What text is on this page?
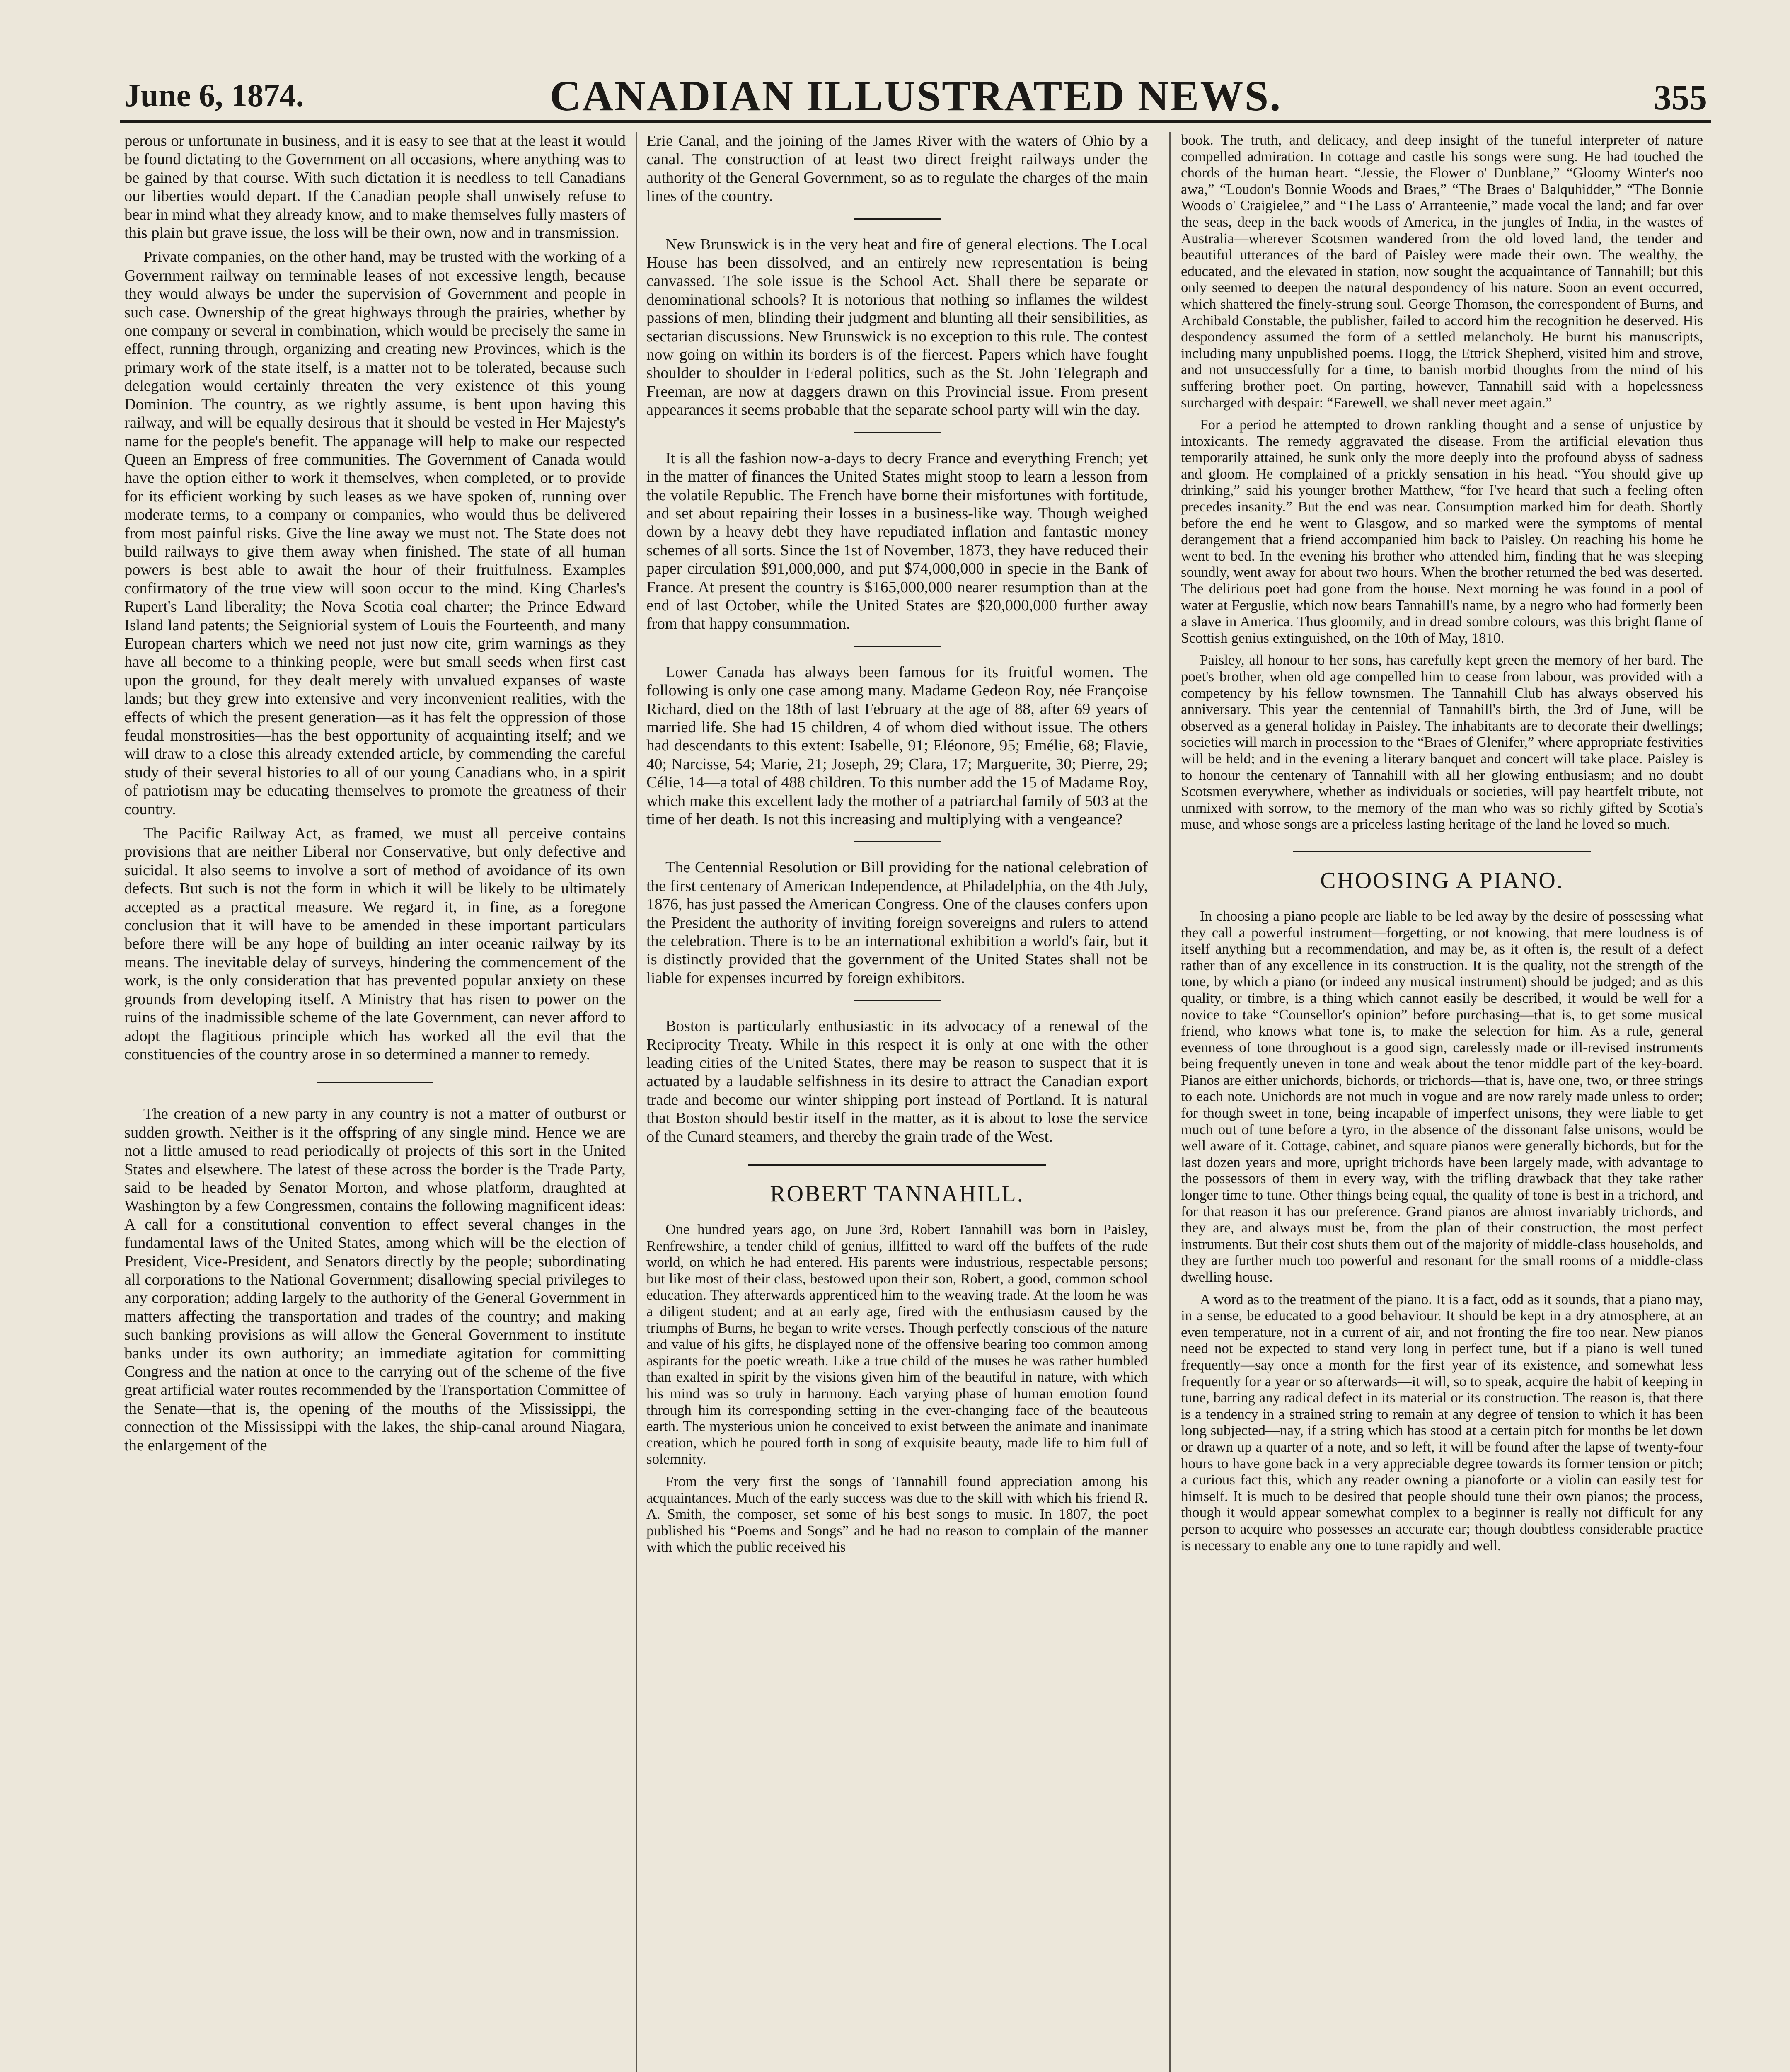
June 6, 1874.	CANADIAN ILLUSTRATED NEWS.	355

perous or unfortunate in business, and it is easy to see that at the least it would be found dictating to the Government on all occasions, where anything was to be gained by that course. With such dictation it is needless to tell Canadians our liberties would depart. If the Canadian people shall unwisely refuse to bear in mind what they already know, and to make themselves fully masters of this plain but grave issue, the loss will be their own, now and in transmission.

Private companies, on the other hand, may be trusted with the working of a Government railway on terminable leases of not excessive length, because they would always be under the supervision of Government and people in such case. Ownership of the great highways through the prairies, whether by one company or several in combination, which would be precisely the same in effect, running through, organizing and creating new Provinces, which is the primary work of the state itself, is a matter not to be tolerated, because such delegation would certainly threaten the very existence of this young Dominion. The country, as we rightly assume, is bent upon having this railway, and will be equally desirous that it should be vested in Her Majesty's name for the people's benefit. The appanage will help to make our respected Queen an Empress of free communities. The Government of Canada would have the option either to work it themselves, when completed, or to provide for its efficient working by such leases as we have spoken of, running over moderate terms, to a company or companies, who would thus be delivered from most painful risks. Give the line away we must not. The State does not build railways to give them away when finished. The state of all human powers is best able to await the hour of their fruitfulness. Examples confirmatory of the true view will soon occur to the mind. King Charles's Rupert's Land liberality; the Nova Scotia coal charter; the Prince Edward Island land patents; the Seigniorial system of Louis the Fourteenth, and many European charters which we need not just now cite, grim warnings as they have all become to a thinking people, were but small seeds when first cast upon the ground, for they dealt merely with unvalued expanses of waste lands; but they grew into extensive and very inconvenient realities, with the effects of which the present generation—as it has felt the oppression of those feudal monstrosities—has the best opportunity of acquainting itself; and we will draw to a close this already extended article, by commending the careful study of their several histories to all of our young Canadians who, in a spirit of patriotism may be educating themselves to promote the greatness of their country.

The Pacific Railway Act, as framed, we must all perceive contains provisions that are neither Liberal nor Conservative, but only defective and suicidal. It also seems to involve a sort of method of avoidance of its own defects. But such is not the form in which it will be likely to be ultimately accepted as a practical measure. We regard it, in fine, as a foregone conclusion that it will have to be amended in these important particulars before there will be any hope of building an inter oceanic railway by its means. The inevitable delay of surveys, hindering the commencement of the work, is the only consideration that has prevented popular anxiety on these grounds from developing itself. A Ministry that has risen to power on the ruins of the inadmissible scheme of the late Government, can never afford to adopt the flagitious principle which has worked all the evil that the constituencies of the country arose in so determined a manner to remedy.

The creation of a new party in any country is not a matter of outburst or sudden growth. Neither is it the offspring of any single mind. Hence we are not a little amused to read periodically of projects of this sort in the United States and elsewhere. The latest of these across the border is the Trade Party, said to be headed by Senator Morton, and whose platform, draughted at Washington by a few Congressmen, contains the following magnificent ideas: A call for a constitutional convention to effect several changes in the fundamental laws of the United States, among which will be the election of President, Vice-President, and Senators directly by the people; subordinating all corporations to the National Government; disallowing special privileges to any corporation; adding largely to the authority of the General Government in matters affecting the transportation and trades of the country; and making such banking provisions as will allow the General Government to institute banks under its own authority; an immediate agitation for committing Congress and the nation at once to the carrying out of the scheme of the five great artificial water routes recommended by the Transportation Committee of the Senate—that is, the opening of the mouths of the Mississippi, the connection of the Mississippi with the lakes, the ship-canal around Niagara, the enlargement of the

Erie Canal, and the joining of the James River with the waters of Ohio by a canal. The construction of at least two direct freight railways under the authority of the General Government, so as to regulate the charges of the main lines of the country.

New Brunswick is in the very heat and fire of general elections. The Local House has been dissolved, and an entirely new representation is being canvassed. The sole issue is the School Act. Shall there be separate or denominational schools? It is notorious that nothing so inflames the wildest passions of men, blinding their judgment and blunting all their sensibilities, as sectarian discussions. New Brunswick is no exception to this rule. The contest now going on within its borders is of the fiercest. Papers which have fought shoulder to shoulder in Federal politics, such as the St. John Telegraph and Freeman, are now at daggers drawn on this Provincial issue. From present appearances it seems probable that the separate school party will win the day.

It is all the fashion now-a-days to decry France and everything French; yet in the matter of finances the United States might stoop to learn a lesson from the volatile Republic. The French have borne their misfortunes with fortitude, and set about repairing their losses in a business-like way. Though weighed down by a heavy debt they have repudiated inflation and fantastic money schemes of all sorts. Since the 1st of November, 1873, they have reduced their paper circulation $91,000,000, and put $74,000,000 in specie in the Bank of France. At present the country is $165,000,000 nearer resumption than at the end of last October, while the United States are $20,000,000 further away from that happy consummation.

Lower Canada has always been famous for its fruitful women. The following is only one case among many. Madame Gedeon Roy, née Françoise Richard, died on the 18th of last February at the age of 88, after 69 years of married life. She had 15 children, 4 of whom died without issue. The others had descendants to this extent: Isabelle, 91; Eléonore, 95; Emélie, 68; Flavie, 40; Narcisse, 54; Marie, 21; Joseph, 29; Clara, 17; Marguerite, 30; Pierre, 29; Célie, 14—a total of 488 children. To this number add the 15 of Madame Roy, which make this excellent lady the mother of a patriarchal family of 503 at the time of her death. Is not this increasing and multiplying with a vengeance?

The Centennial Resolution or Bill providing for the national celebration of the first centenary of American Independence, at Philadelphia, on the 4th July, 1876, has just passed the American Congress. One of the clauses confers upon the President the authority of inviting foreign sovereigns and rulers to attend the celebration. There is to be an international exhibition a world's fair, but it is distinctly provided that the government of the United States shall not be liable for expenses incurred by foreign exhibitors.

Boston is particularly enthusiastic in its advocacy of a renewal of the Reciprocity Treaty. While in this respect it is only at one with the other leading cities of the United States, there may be reason to suspect that it is actuated by a laudable selfishness in its desire to attract the Canadian export trade and become our winter shipping port instead of Portland. It is natural that Boston should bestir itself in the matter, as it is about to lose the service of the Cunard steamers, and thereby the grain trade of the West.

ROBERT TANNAHILL.

One hundred years ago, on June 3rd, Robert Tannahill was born in Paisley, Renfrewshire, a tender child of genius, illfitted to ward off the buffets of the rude world, on which he had entered. His parents were industrious, respectable persons; but like most of their class, bestowed upon their son, Robert, a good, common school education. They afterwards apprenticed him to the weaving trade. At the loom he was a diligent student; and at an early age, fired with the enthusiasm caused by the triumphs of Burns, he began to write verses. Though perfectly conscious of the nature and value of his gifts, he displayed none of the offensive bearing too common among aspirants for the poetic wreath. Like a true child of the muses he was rather humbled than exalted in spirit by the visions given him of the beautiful in nature, with which his mind was so truly in harmony. Each varying phase of human emotion found through him its corresponding setting in the ever-changing face of the beauteous earth. The mysterious union he conceived to exist between the animate and inanimate creation, which he poured forth in song of exquisite beauty, made life to him full of solemnity.

From the very first the songs of Tannahill found appreciation among his acquaintances. Much of the early success was due to the skill with which his friend R. A. Smith, the composer, set some of his best songs to music. In 1807, the poet published his “Poems and Songs” and he had no reason to complain of the manner with which the public received his

book. The truth, and delicacy, and deep insight of the tuneful interpreter of nature compelled admiration. In cottage and castle his songs were sung. He had touched the chords of the human heart. “Jessie, the Flower o' Dunblane,” “Gloomy Winter's noo awa,” “Loudon's Bonnie Woods and Braes,” “The Braes o' Balquhidder,” “The Bonnie Woods o' Craigielee,” and “The Lass o' Arranteenie,” made vocal the land; and far over the seas, deep in the back woods of America, in the jungles of India, in the wastes of Australia—wherever Scotsmen wandered from the old loved land, the tender and beautiful utterances of the bard of Paisley were made their own. The wealthy, the educated, and the elevated in station, now sought the acquaintance of Tannahill; but this only seemed to deepen the natural despondency of his nature. Soon an event occurred, which shattered the finely-strung soul. George Thomson, the correspondent of Burns, and Archibald Constable, the publisher, failed to accord him the recognition he deserved. His despondency assumed the form of a settled melancholy. He burnt his manuscripts, including many unpublished poems. Hogg, the Ettrick Shepherd, visited him and strove, and not unsuccessfully for a time, to banish morbid thoughts from the mind of his suffering brother poet. On parting, however, Tannahill said with a hopelessness surcharged with despair: “Farewell, we shall never meet again.”

For a period he attempted to drown rankling thought and a sense of unjustice by intoxicants. The remedy aggravated the disease. From the artificial elevation thus temporarily attained, he sunk only the more deeply into the profound abyss of sadness and gloom. He complained of a prickly sensation in his head. “You should give up drinking,” said his younger brother Matthew, “for I've heard that such a feeling often precedes insanity.” But the end was near. Consumption marked him for death. Shortly before the end he went to Glasgow, and so marked were the symptoms of mental derangement that a friend accompanied him back to Paisley. On reaching his home he went to bed. In the evening his brother who attended him, finding that he was sleeping soundly, went away for about two hours. When the brother returned the bed was deserted. The delirious poet had gone from the house. Next morning he was found in a pool of water at Ferguslie, which now bears Tannahill's name, by a negro who had formerly been a slave in America. Thus gloomily, and in dread sombre colours, was this bright flame of Scottish genius extinguished, on the 10th of May, 1810.

Paisley, all honour to her sons, has carefully kept green the memory of her bard. The poet's brother, when old age compelled him to cease from labour, was provided with a competency by his fellow townsmen. The Tannahill Club has always observed his anniversary. This year the centennial of Tannahill's birth, the 3rd of June, will be observed as a general holiday in Paisley. The inhabitants are to decorate their dwellings; societies will march in procession to the “Braes of Glenifer,” where appropriate festivities will be held; and in the evening a literary banquet and concert will take place. Paisley is to honour the centenary of Tannahill with all her glowing enthusiasm; and no doubt Scotsmen everywhere, whether as individuals or societies, will pay heartfelt tribute, not unmixed with sorrow, to the memory of the man who was so richly gifted by Scotia's muse, and whose songs are a priceless lasting heritage of the land he loved so much.

CHOOSING A PIANO.

In choosing a piano people are liable to be led away by the desire of possessing what they call a powerful instrument—forgetting, or not knowing, that mere loudness is of itself anything but a recommendation, and may be, as it often is, the result of a defect rather than of any excellence in its construction. It is the quality, not the strength of the tone, by which a piano (or indeed any musical instrument) should be judged; and as this quality, or timbre, is a thing which cannot easily be described, it would be well for a novice to take “Counsellor's opinion” before purchasing—that is, to get some musical friend, who knows what tone is, to make the selection for him. As a rule, general evenness of tone throughout is a good sign, carelessly made or ill-revised instruments being frequently uneven in tone and weak about the tenor middle part of the key-board. Pianos are either unichords, bichords, or trichords—that is, have one, two, or three strings to each note. Unichords are not much in vogue and are now rarely made unless to order; for though sweet in tone, being incapable of imperfect unisons, they were liable to get much out of tune before a tyro, in the absence of the dissonant false unisons, would be well aware of it. Cottage, cabinet, and square pianos were generally bichords, but for the last dozen years and more, upright trichords have been largely made, with advantage to the possessors of them in every way, with the trifling drawback that they take rather longer time to tune. Other things being equal, the quality of tone is best in a trichord, and for that reason it has our preference. Grand pianos are almost invariably trichords, and they are, and always must be, from the plan of their construction, the most perfect instruments. But their cost shuts them out of the majority of middle-class households, and they are further much too powerful and resonant for the small rooms of a middle-class dwelling house.

A word as to the treatment of the piano. It is a fact, odd as it sounds, that a piano may, in a sense, be educated to a good behaviour. It should be kept in a dry atmosphere, at an even temperature, not in a current of air, and not fronting the fire too near. New pianos need not be expected to stand very long in perfect tune, but if a piano is well tuned frequently—say once a month for the first year of its existence, and somewhat less frequently for a year or so afterwards—it will, so to speak, acquire the habit of keeping in tune, barring any radical defect in its material or its construction. The reason is, that there is a tendency in a strained string to remain at any degree of tension to which it has been long subjected—nay, if a string which has stood at a certain pitch for months be let down or drawn up a quarter of a note, and so left, it will be found after the lapse of twenty-four hours to have gone back in a very appreciable degree towards its former tension or pitch; a curious fact this, which any reader owning a pianoforte or a violin can easily test for himself. It is much to be desired that people should tune their own pianos; the process, though it would appear somewhat complex to a beginner is really not difficult for any person to acquire who possesses an accurate ear; though doubtless considerable practice is necessary to enable any one to tune rapidly and well.
